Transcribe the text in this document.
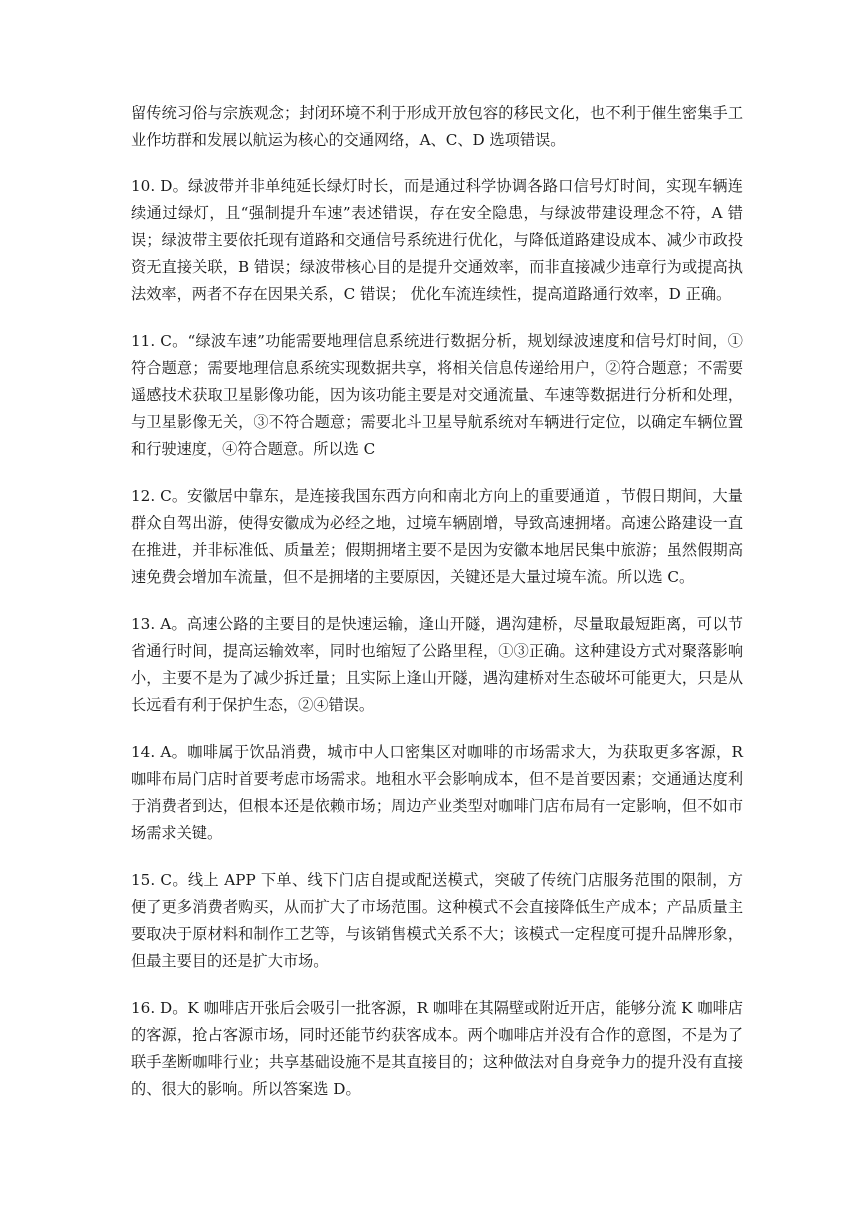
留传统习俗与宗族观念；封闭环境不利于形成开放包容的移民文化，也不利于催生密集手工业作坊群和发展以航运为核心的交通网络，A、C、D 选项错误。

10. D。绿波带并非单纯延长绿灯时长，而是通过科学协调各路口信号灯时间，实现车辆连续通过绿灯，且“强制提升车速”表述错误，存在安全隐患，与绿波带建设理念不符，A 错误；绿波带主要依托现有道路和交通信号系统进行优化，与降低道路建设成本、减少市政投资无直接关联，B 错误；绿波带核心目的是提升交通效率，而非直接减少违章行为或提高执法效率，两者不存在因果关系，C 错误； 优化车流连续性，提高道路通行效率，D 正确。

11. C。“绿波车速”功能需要地理信息系统进行数据分析，规划绿波速度和信号灯时间，①符合题意；需要地理信息系统实现数据共享，将相关信息传递给用户，②符合题意；不需要遥感技术获取卫星影像功能，因为该功能主要是对交通流量、车速等数据进行分析和处理，与卫星影像无关，③不符合题意；需要北斗卫星导航系统对车辆进行定位，以确定车辆位置和行驶速度，④符合题意。所以选 C

12. C。安徽居中靠东，是连接我国东西方向和南北方向上的重要通道 ，节假日期间，大量群众自驾出游，使得安徽成为必经之地，过境车辆剧增，导致高速拥堵。高速公路建设一直在推进，并非标准低、质量差；假期拥堵主要不是因为安徽本地居民集中旅游；虽然假期高速免费会增加车流量，但不是拥堵的主要原因，关键还是大量过境车流。所以选 C。

13. A。高速公路的主要目的是快速运输，逢山开隧，遇沟建桥，尽量取最短距离，可以节省通行时间，提高运输效率，同时也缩短了公路里程，①③正确。这种建设方式对聚落影响小，主要不是为了减少拆迁量；且实际上逢山开隧，遇沟建桥对生态破坏可能更大，只是从长远看有利于保护生态，②④错误。

14. A。咖啡属于饮品消费，城市中人口密集区对咖啡的市场需求大，为获取更多客源，R 咖啡布局门店时首要考虑市场需求。地租水平会影响成本，但不是首要因素；交通通达度利于消费者到达，但根本还是依赖市场；周边产业类型对咖啡门店布局有一定影响，但不如市场需求关键。

15. C。线上 APP 下单、线下门店自提或配送模式，突破了传统门店服务范围的限制，方便了更多消费者购买，从而扩大了市场范围。这种模式不会直接降低生产成本；产品质量主要取决于原材料和制作工艺等，与该销售模式关系不大；该模式一定程度可提升品牌形象，但最主要目的还是扩大市场。

16. D。K 咖啡店开张后会吸引一批客源，R 咖啡在其隔壁或附近开店，能够分流 K 咖啡店的客源，抢占客源市场，同时还能节约获客成本。两个咖啡店并没有合作的意图，不是为了联手垄断咖啡行业；共享基础设施不是其直接目的；这种做法对自身竞争力的提升没有直接的、很大的影响。所以答案选 D。
